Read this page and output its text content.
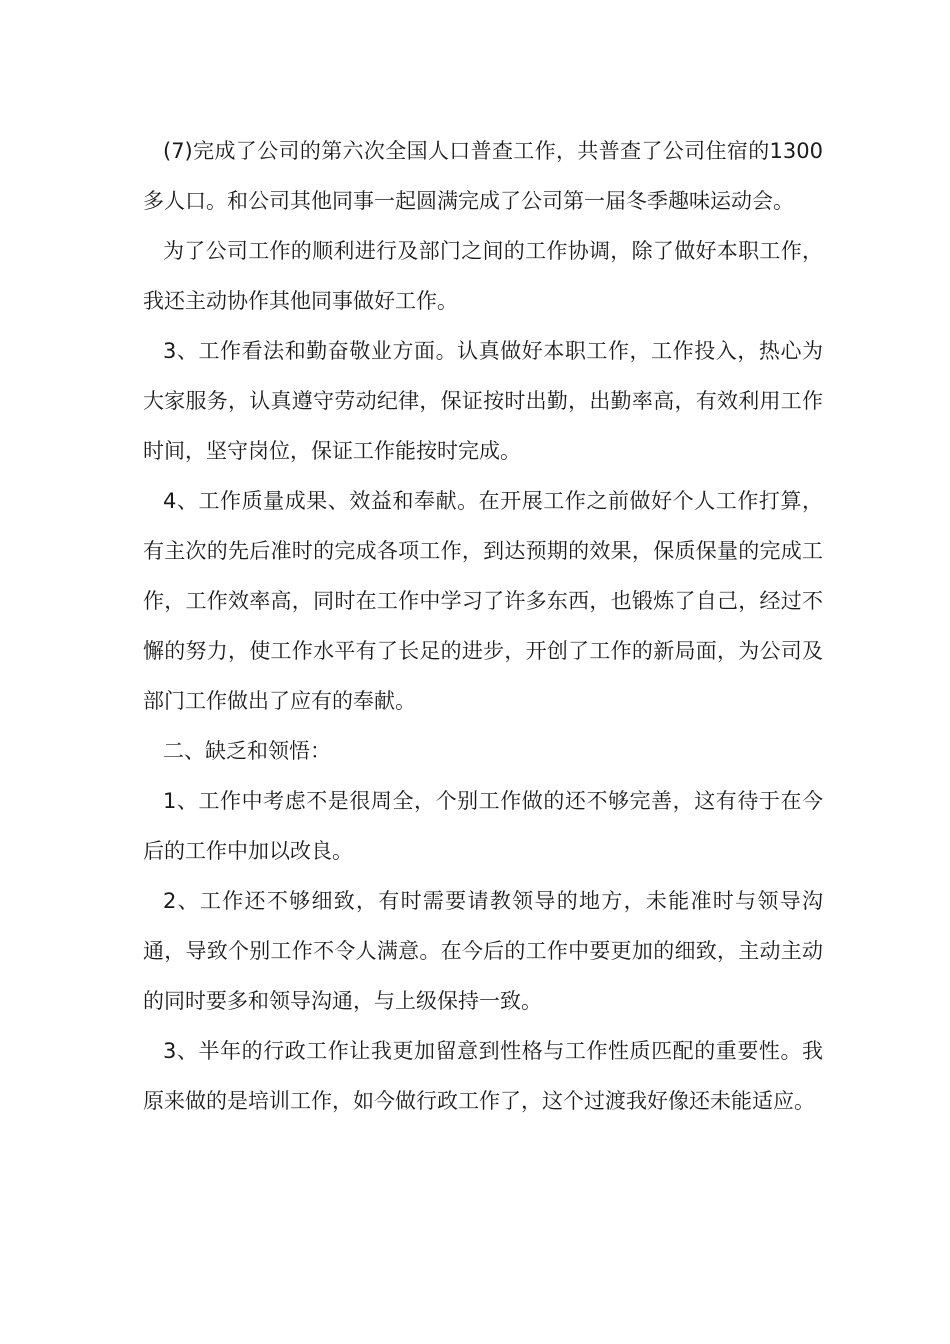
(7)完成了公司的第六次全国人口普查工作，共普查了公司住宿的1300多人口。和公司其他同事一起圆满完成了公司第一届冬季趣味运动会。

为了公司工作的顺利进行及部门之间的工作协调，除了做好本职工作，我还主动协作其他同事做好工作。

3、工作看法和勤奋敬业方面。认真做好本职工作，工作投入，热心为大家服务，认真遵守劳动纪律，保证按时出勤，出勤率高，有效利用工作时间，坚守岗位，保证工作能按时完成。

4、工作质量成果、效益和奉献。在开展工作之前做好个人工作打算，有主次的先后准时的完成各项工作，到达预期的效果，保质保量的完成工作，工作效率高，同时在工作中学习了许多东西，也锻炼了自己，经过不懈的努力，使工作水平有了长足的进步，开创了工作的新局面，为公司及部门工作做出了应有的奉献。

二、缺乏和领悟：

1、工作中考虑不是很周全，个别工作做的还不够完善，这有待于在今后的工作中加以改良。

2、工作还不够细致，有时需要请教领导的地方，未能准时与领导沟通，导致个别工作不令人满意。在今后的工作中要更加的细致，主动主动的同时要多和领导沟通，与上级保持一致。

3、半年的行政工作让我更加留意到性格与工作性质匹配的重要性。我原来做的是培训工作，如今做行政工作了，这个过渡我好像还未能适应。
